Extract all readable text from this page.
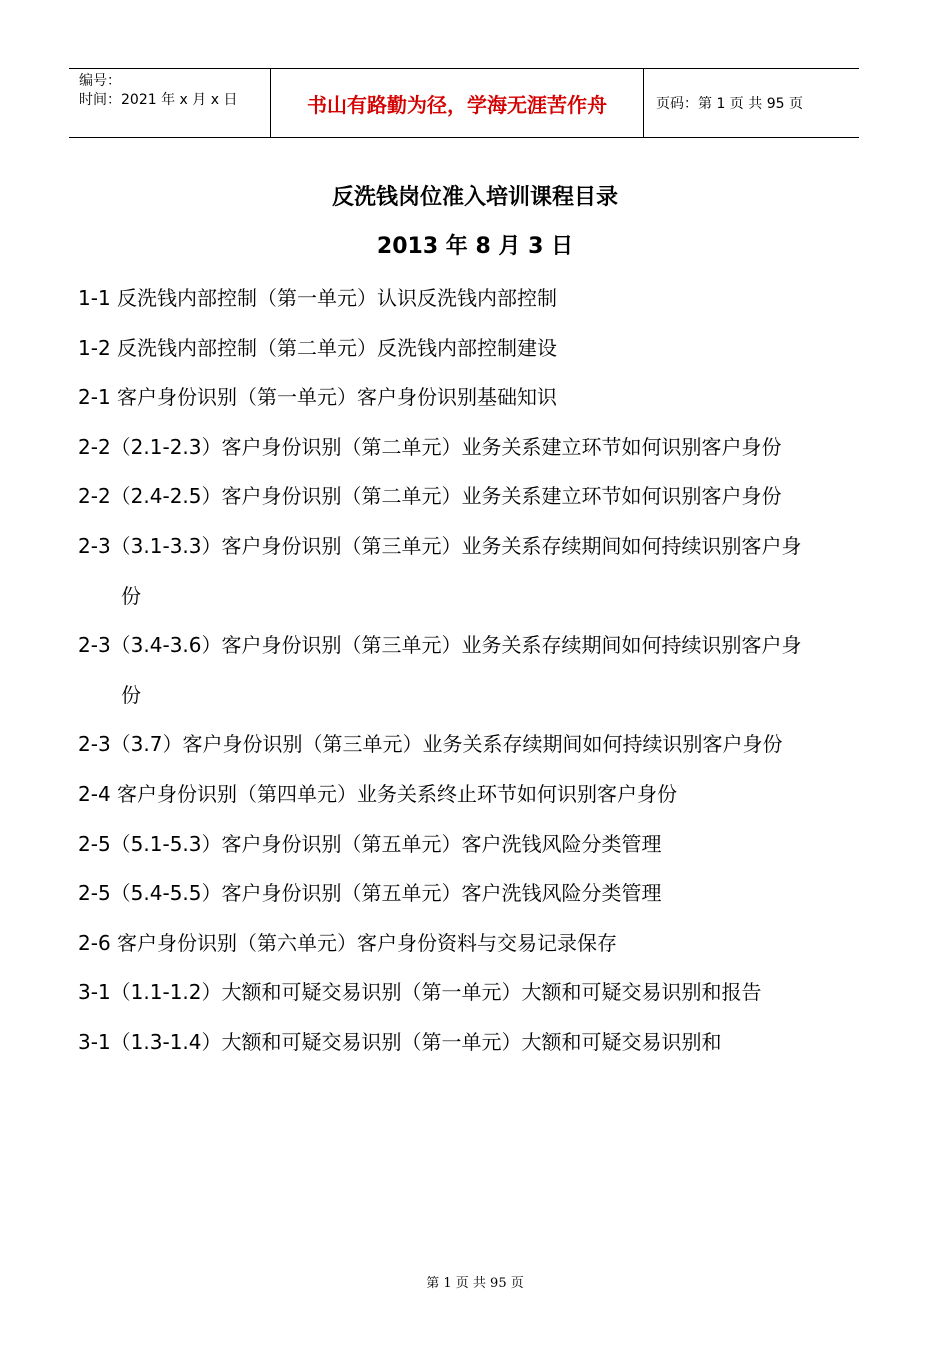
编号：
时间：2021 年 x 月 x 日	书山有路勤为径，学海无涯苦作舟	页码：第 1 页 共 95 页
反洗钱岗位准入培训课程目录
2013 年 8 月 3 日
1-1 反洗钱内部控制（第一单元）认识反洗钱内部控制
1-2 反洗钱内部控制（第二单元）反洗钱内部控制建设
2-1 客户身份识别（第一单元）客户身份识别基础知识
2-2（2.1-2.3）客户身份识别（第二单元）业务关系建立环节如何识别客户身份
2-2（2.4-2.5）客户身份识别（第二单元）业务关系建立环节如何识别客户身份
2-3（3.1-3.3）客户身份识别（第三单元）业务关系存续期间如何持续识别客户身份
2-3（3.4-3.6）客户身份识别（第三单元）业务关系存续期间如何持续识别客户身份
2-3（3.7）客户身份识别（第三单元）业务关系存续期间如何持续识别客户身份
2-4 客户身份识别（第四单元）业务关系终止环节如何识别客户身份
2-5（5.1-5.3）客户身份识别（第五单元）客户洗钱风险分类管理
2-5（5.4-5.5）客户身份识别（第五单元）客户洗钱风险分类管理
2-6 客户身份识别（第六单元）客户身份资料与交易记录保存
3-1（1.1-1.2）大额和可疑交易识别（第一单元）大额和可疑交易识别和报告
3-1（1.3-1.4）大额和可疑交易识别（第一单元）大额和可疑交易识别和
第 1 页 共 95 页
